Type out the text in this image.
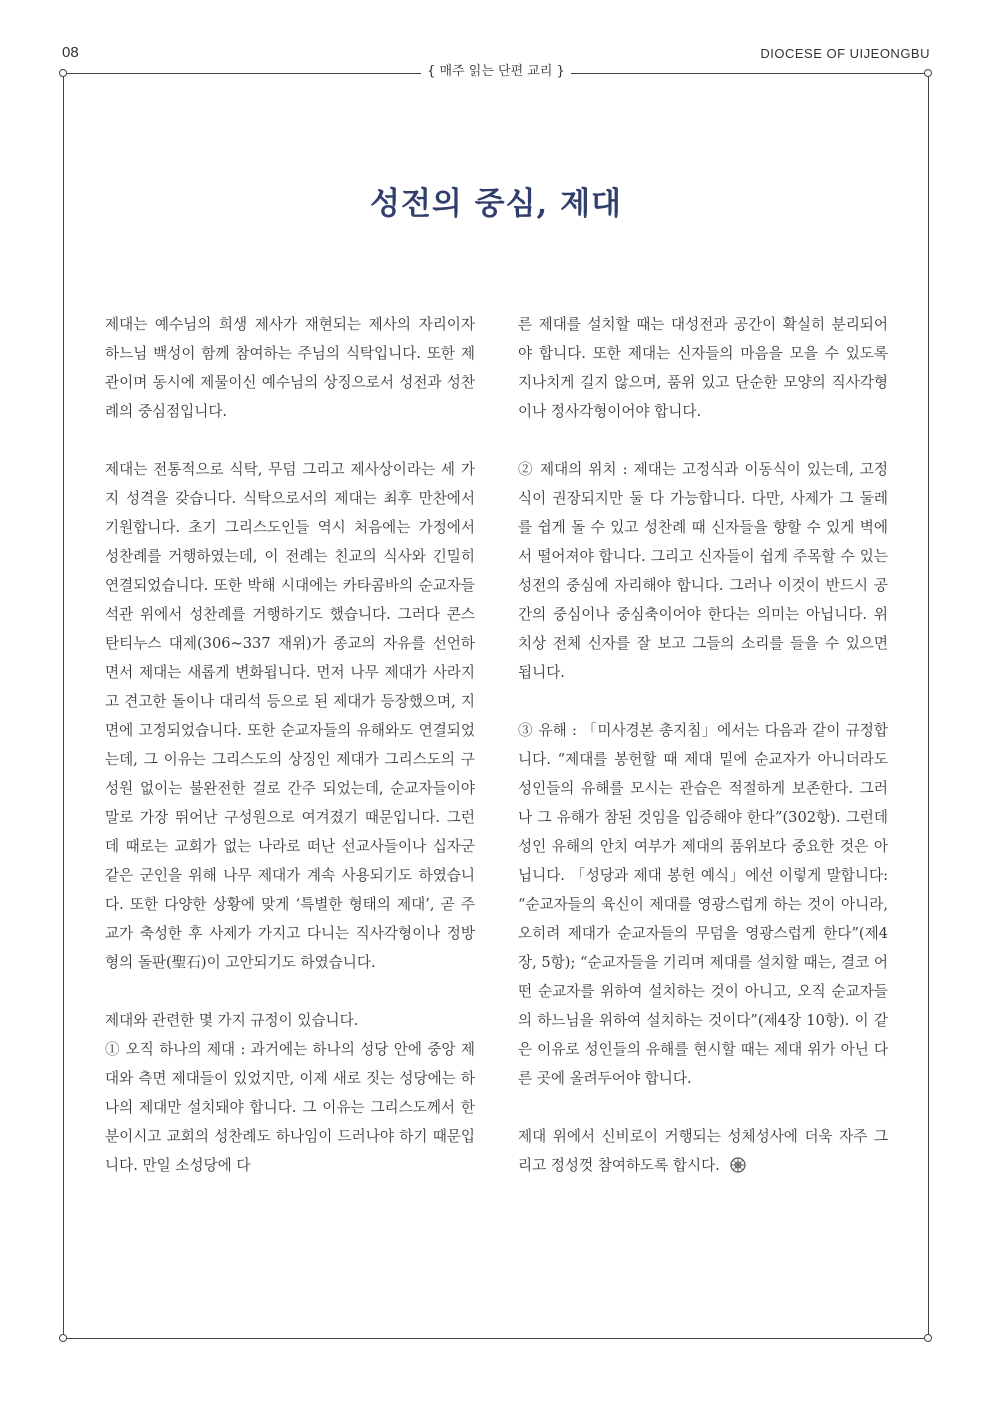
08	DIOCESE OF UIJEONGBU
{ 매주 읽는 단편 교리 }
성전의 중심, 제대

제대는 예수님의 희생 제사가 재현되는 제사의 자리이자 하느님 백성이 함께 참여하는 주님의 식탁입니다. 또한 제관이며 동시에 제물이신 예수님의 상징으로서 성전과 성찬례의 중심점입니다.

제대는 전통적으로 식탁, 무덤 그리고 제사상이라는 세 가지 성격을 갖습니다. 식탁으로서의 제대는 최후 만찬에서 기원합니다. 초기 그리스도인들 역시 처음에는 가정에서 성찬례를 거행하였는데, 이 전례는 친교의 식사와 긴밀히 연결되었습니다. 또한 박해 시대에는 카타콤바의 순교자들 석관 위에서 성찬례를 거행하기도 했습니다. 그러다 콘스탄티누스 대제(306~337 재위)가 종교의 자유를 선언하면서 제대는 새롭게 변화됩니다. 먼저 나무 제대가 사라지고 견고한 돌이나 대리석 등으로 된 제대가 등장했으며, 지면에 고정되었습니다. 또한 순교자들의 유해와도 연결되었는데, 그 이유는 그리스도의 상징인 제대가 그리스도의 구성원 없이는 불완전한 걸로 간주 되었는데, 순교자들이야말로 가장 뛰어난 구성원으로 여겨졌기 때문입니다. 그런데 때로는 교회가 없는 나라로 떠난 선교사들이나 십자군 같은 군인을 위해 나무 제대가 계속 사용되기도 하였습니다. 또한 다양한 상황에 맞게 ‘특별한 형태의 제대’, 곧 주교가 축성한 후 사제가 가지고 다니는 직사각형이나 정방형의 돌판(聖石)이 고안되기도 하였습니다.

제대와 관련한 몇 가지 규정이 있습니다.

① 오직 하나의 제대 : 과거에는 하나의 성당 안에 중앙 제대와 측면 제대들이 있었지만, 이제 새로 짓는 성당에는 하나의 제대만 설치돼야 합니다. 그 이유는 그리스도께서 한 분이시고 교회의 성찬례도 하나임이 드러나야 하기 때문입니다. 만일 소성당에 다

른 제대를 설치할 때는 대성전과 공간이 확실히 분리되어야 합니다. 또한 제대는 신자들의 마음을 모을 수 있도록 지나치게 길지 않으며, 품위 있고 단순한 모양의 직사각형이나 정사각형이어야 합니다.

② 제대의 위치 : 제대는 고정식과 이동식이 있는데, 고정식이 권장되지만 둘 다 가능합니다. 다만, 사제가 그 둘레를 쉽게 돌 수 있고 성찬례 때 신자들을 향할 수 있게 벽에서 떨어져야 합니다. 그리고 신자들이 쉽게 주목할 수 있는 성전의 중심에 자리해야 합니다. 그러나 이것이 반드시 공간의 중심이나 중심축이어야 한다는 의미는 아닙니다. 위치상 전체 신자를 잘 보고 그들의 소리를 들을 수 있으면 됩니다.

③ 유해 : 「미사경본 총지침」에서는 다음과 같이 규정합니다. “제대를 봉헌할 때 제대 밑에 순교자가 아니더라도 성인들의 유해를 모시는 관습은 적절하게 보존한다. 그러나 그 유해가 참된 것임을 입증해야 한다”(302항). 그런데 성인 유해의 안치 여부가 제대의 품위보다 중요한 것은 아닙니다. 「성당과 제대 봉헌 예식」에선 이렇게 말합니다: “순교자들의 육신이 제대를 영광스럽게 하는 것이 아니라, 오히려 제대가 순교자들의 무덤을 영광스럽게 한다”(제4장, 5항); “순교자들을 기리며 제대를 설치할 때는, 결코 어떤 순교자를 위하여 설치하는 것이 아니고, 오직 순교자들의 하느님을 위하여 설치하는 것이다”(제4장 10항). 이 같은 이유로 성인들의 유해를 현시할 때는 제대 위가 아닌 다른 곳에 올려두어야 합니다.

제대 위에서 신비로이 거행되는 성체성사에 더욱 자주 그리고 정성껏 참여하도록 합시다.
